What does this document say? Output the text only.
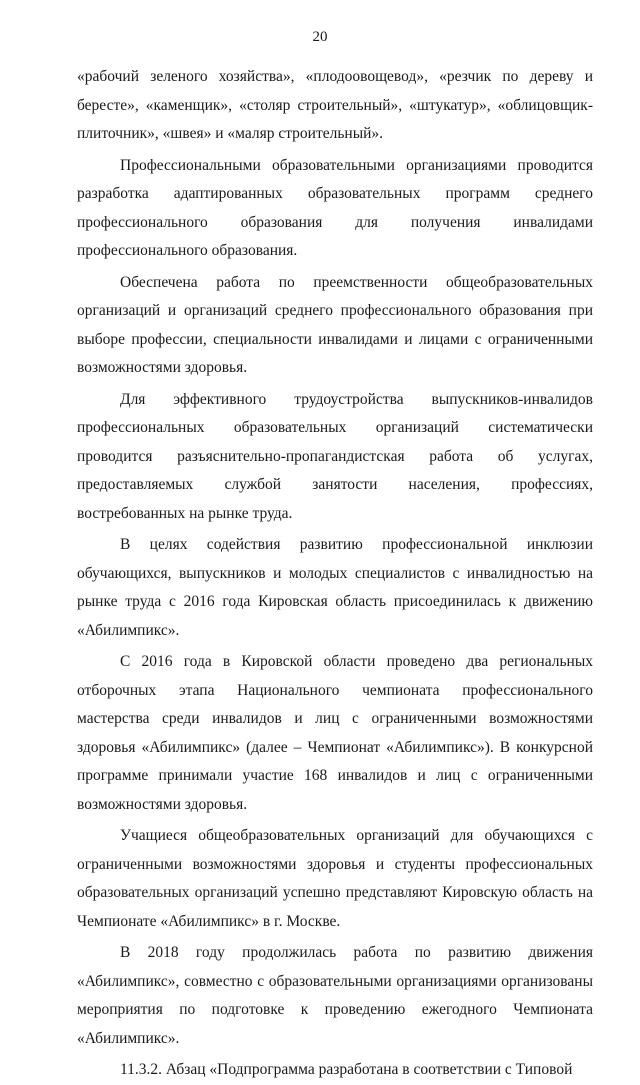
20

«рабочий зеленого хозяйства», «плодоовощевод», «резчик по дереву и бересте», «каменщик», «столяр строительный», «штукатур», «облицовщик-плиточник», «швея» и «маляр строительный».

Профессиональными образовательными организациями проводится разработка адаптированных образовательных программ среднего профессионального образования для получения инвалидами профессионального образования.

Обеспечена работа по преемственности общеобразовательных организаций и организаций среднего профессионального образования при выборе профессии, специальности инвалидами и лицами с ограниченными возможностями здоровья.

Для эффективного трудоустройства выпускников-инвалидов профессиональных образовательных организаций систематически проводится разъяснительно-пропагандистская работа об услугах, предоставляемых службой занятости населения, профессиях, востребованных на рынке труда.

В целях содействия развитию профессиональной инклюзии обучающихся, выпускников и молодых специалистов с инвалидностью на рынке труда с 2016 года Кировская область присоединилась к движению «Абилимпикс».

С 2016 года в Кировской области проведено два региональных отборочных этапа Национального чемпионата профессионального мастерства среди инвалидов и лиц с ограниченными возможностями здоровья «Абилимпикс» (далее – Чемпионат «Абилимпикс»). В конкурсной программе принимали участие 168 инвалидов и лиц с ограниченными возможностями здоровья.

Учащиеся общеобразовательных организаций для обучающихся с ограниченными возможностями здоровья и студенты профессиональных образовательных организаций успешно представляют Кировскую область на Чемпионате «Абилимпикс» в г. Москве.

В 2018 году продолжилась работа по развитию движения «Абилимпикс», совместно с образовательными организациями организованы мероприятия по подготовке к проведению ежегодного Чемпионата «Абилимпикс».

11.3.2. Абзац «Подпрограмма разработана в соответствии с Типовой
